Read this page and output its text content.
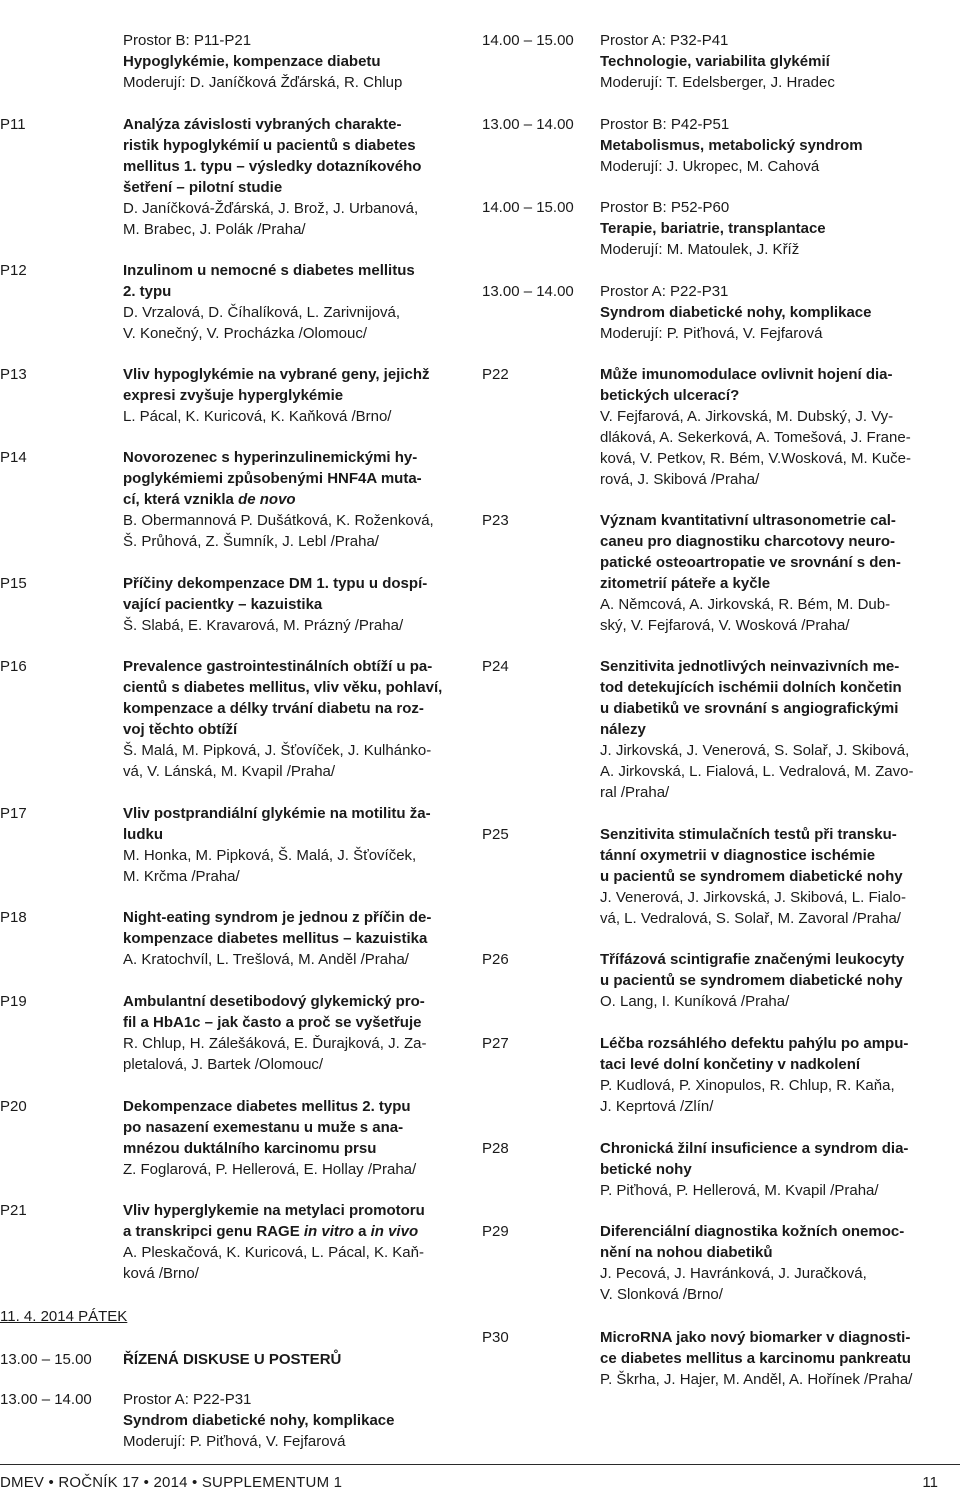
Prostor B: P11-P21
Hypoglykémie, kompenzace diabetu
Moderují: D. Janíčková Žďárská, R. Chlup
P11	Analýza závislosti vybraných charakte-
ristik hypoglykémií u pacientů s diabetes
mellitus 1. typu – výsledky dotazníkového
šetření – pilotní studie
D. Janíčková-Žďárská, J. Brož, J. Urbanová,
M. Brabec, J. Polák /Praha/
P12	Inzulinom u nemocné s diabetes mellitus
2. typu
D. Vrzalová, D. Číhalíková, L. Zarivnijová,
V. Konečný, V. Procházka /Olomouc/
P13	Vliv hypoglykémie na vybrané geny, jejichž
expresi zvyšuje hyperglykémie
L. Pácal, K. Kuricová, K. Kaňková /Brno/
P14	Novorozenec s hyperinzulinemickými hy-
poglykémiemi způsobenými HNF4A muta-
cí, která vznikla de novo
B. Obermannová P. Dušátková, K. Roženková,
Š. Průhová, Z. Šumník, J. Lebl /Praha/
P15	Příčiny dekompenzace DM 1. typu u dospí-
vající pacientky – kazuistika
Š. Slabá, E. Kravarová, M. Prázný /Praha/
P16	Prevalence gastrointestinálních obtíží u pa-
cientů s diabetes mellitus, vliv věku, pohlaví,
kompenzace a délky trvání diabetu na roz-
voj těchto obtíží
Š. Malá, M. Pipková, J. Šťovíček, J. Kulhánko-
vá, V. Lánská, M. Kvapil /Praha/
P17	Vliv postprandiální glykémie na motilitu ža-
ludku
M. Honka, M. Pipková, Š. Malá, J. Šťovíček,
M. Krčma /Praha/
P18	Night-eating syndrom je jednou z příčin de-
kompenzace diabetes mellitus – kazuistika
A. Kratochvíl, L. Trešlová, M. Anděl /Praha/
P19	Ambulantní desetibodový glykemický pro-
fil a HbA1c – jak často a proč se vyšetřuje
R. Chlup, H. Zálešáková, E. Ďurajková, J. Za-
pletalová, J. Bartek /Olomouc/
P20	Dekompenzace diabetes mellitus 2. typu
po nasazení exemestanu u muže s ana-
mnézou duktálního karcinomu prsu
Z. Foglarová, P. Hellerová, E. Hollay /Praha/
P21	Vliv hyperglykemie na metylaci promotoru
a transkripci genu RAGE in vitro a in vivo
A. Pleskačová, K. Kuricová, L. Pácal, K. Kaň-
ková /Brno/
11. 4. 2014 PÁTEK
13.00 – 15.00 ŘÍZENÁ DISKUSE U POSTERŮ
13.00 – 14.00 Prostor A: P22-P31
Syndrom diabetické nohy, komplikace
Moderují: P. Piťhová, V. Fejfarová
14.00 – 15.00 Prostor A: P32-P41
Technologie, variabilita glykémií
Moderují: T. Edelsberger, J. Hradec
13.00 – 14.00 Prostor B: P42-P51
Metabolismus, metabolický syndrom
Moderují: J. Ukropec, M. Cahová
14.00 – 15.00 Prostor B: P52-P60
Terapie, bariatrie, transplantace
Moderují: M. Matoulek, J. Kříž
13.00 – 14.00 Prostor A: P22-P31
Syndrom diabetické nohy, komplikace
Moderují: P. Piťhová, V. Fejfarová
P22	Může imunomodulace ovlivnit hojení dia-
betických ulcerací?
V. Fejfarová, A. Jirkovská, M. Dubský, J. Vy-
dláková, A. Sekerková, A. Tomešová, J. Frane-
ková, V. Petkov, R. Bém, V.Wosková, M. Kuče-
rová, J. Skibová /Praha/
P23	Význam kvantitativní ultrasonometrie cal-
caneu pro diagnostiku charcotovy neuro-
patické osteoartropatie ve srovnání s den-
zitometrií páteře a kyčle
A. Němcová, A. Jirkovská, R. Bém, M. Dub-
ský, V. Fejfarová, V. Wosková /Praha/
P24	Senzitivita jednotlivých neinvazivních me-
tod detekujících ischémii dolních končetin
u diabetiků ve srovnání s angiografickými
nálezy
J. Jirkovská, J. Venerová, S. Solař, J. Skibová,
A. Jirkovská, L. Fialová, L. Vedralová, M. Zavo-
ral /Praha/
P25	Senzitivita stimulačních testů při transku-
tánní oxymetrii v diagnostice ischémie
u pacientů se syndromem diabetické nohy
J. Venerová, J. Jirkovská, J. Skibová, L. Fialo-
vá, L. Vedralová, S. Solař, M. Zavoral /Praha/
P26	Třífázová scintigrafie značenými leukocyty
u pacientů se syndromem diabetické nohy
O. Lang, I. Kuníková /Praha/
P27	Léčba rozsáhlého defektu pahýlu po ampu-
taci levé dolní končetiny v nadkolení
P. Kudlová, P. Xinopulos, R. Chlup, R. Kaňa,
J. Keprtová /Zlín/
P28	Chronická žilní insuficience a syndrom dia-
betické nohy
P. Piťhová, P. Hellerová, M. Kvapil /Praha/
P29	Diferenciální diagnostika kožních onemoc-
nění na nohou diabetiků
J. Pecová, J. Havránková, J. Juračková,
V. Slonková /Brno/
P30	MicroRNA jako nový biomarker v diagnosti-
ce diabetes mellitus a karcinomu pankreatu
P. Škrha, J. Hajer, M. Anděl, A. Hořínek /Praha/
DMEV • ROČNÍK 17 • 2014 • SUPPLEMENTUM 1	11
